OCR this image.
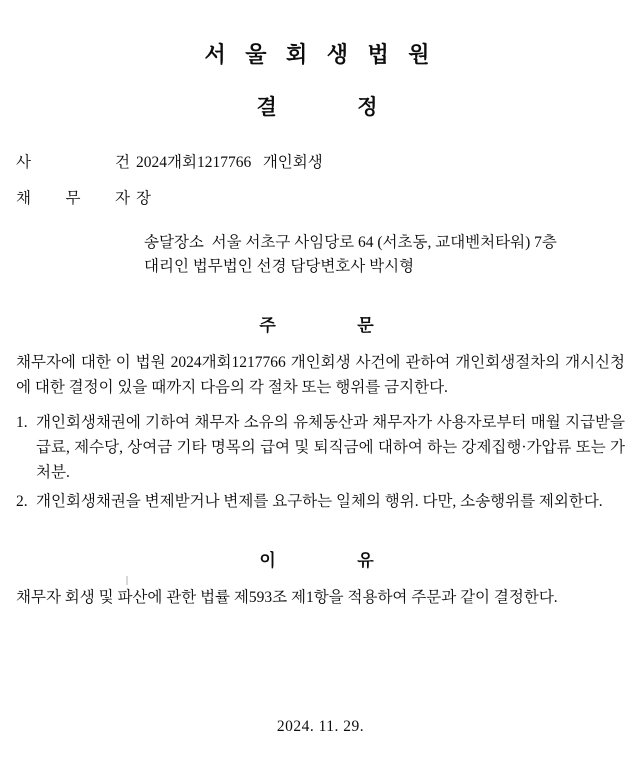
서 울 회 생 법 원
결      정
사	건 2024개회1217766   개인회생
채 무 자 장
송달장소  서울 서초구 사임당로 64 (서초동, 교대벤처타워) 7층
대리인 법무법인 선경 담당변호사 박시형
주      문

채무자에 대한 이 법원 2024개회1217766 개인회생 사건에 관하여 개인회생절차의 개시신청에 대한 결정이 있을 때까지 다음의 각 절차 또는 행위를 금지한다.

1. 개인회생채권에 기하여 채무자 소유의 유체동산과 채무자가 사용자로부터 매월 지급받을 급료, 제수당, 상여금 기타 명목의 급여 및 퇴직금에 대하여 하는 강제집행·가압류 또는 가처분.
2. 개인회생채권을 변제받거나 변제를 요구하는 일체의 행위. 다만, 소송행위를 제외한다.
이      유

채무자 회생 및 파산에 관한 법률 제593조 제1항을 적용하여 주문과 같이 결정한다.

2024. 11. 29.
